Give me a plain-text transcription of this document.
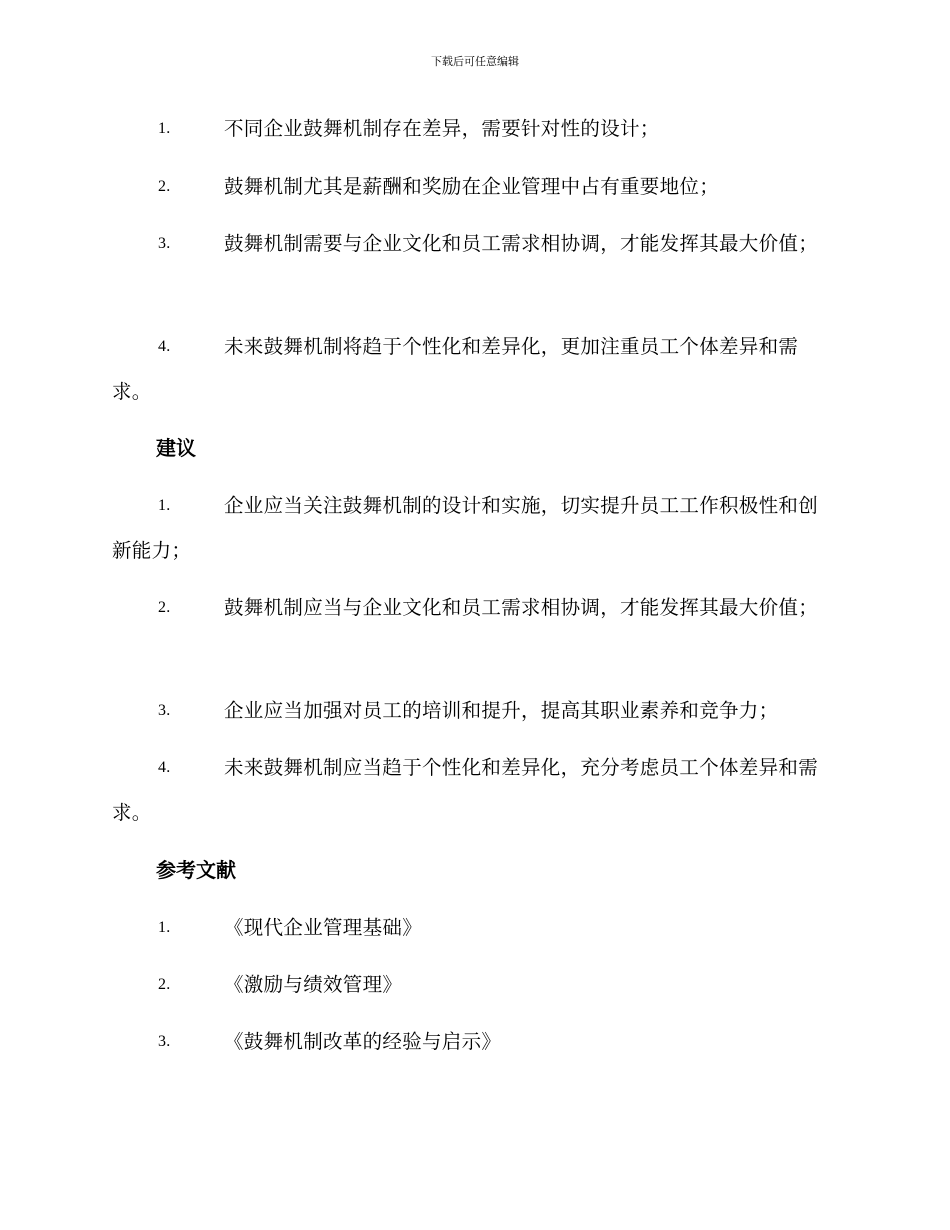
下载后可任意编辑
1.	不同企业鼓舞机制存在差异，需要针对性的设计；
2.	鼓舞机制尤其是薪酬和奖励在企业管理中占有重要地位；
3.	鼓舞机制需要与企业文化和员工需求相协调，才能发挥其最大价值；
4.	未来鼓舞机制将趋于个性化和差异化，更加注重员工个体差异和需求。
建议
1.	企业应当关注鼓舞机制的设计和实施，切实提升员工工作积极性和创新能力；
2.	鼓舞机制应当与企业文化和员工需求相协调，才能发挥其最大价值；
3.	企业应当加强对员工的培训和提升，提高其职业素养和竞争力；
4.	未来鼓舞机制应当趋于个性化和差异化，充分考虑员工个体差异和需求。
参考文献
1.	《现代企业管理基础》
2.	《激励与绩效管理》
3.	《鼓舞机制改革的经验与启示》
